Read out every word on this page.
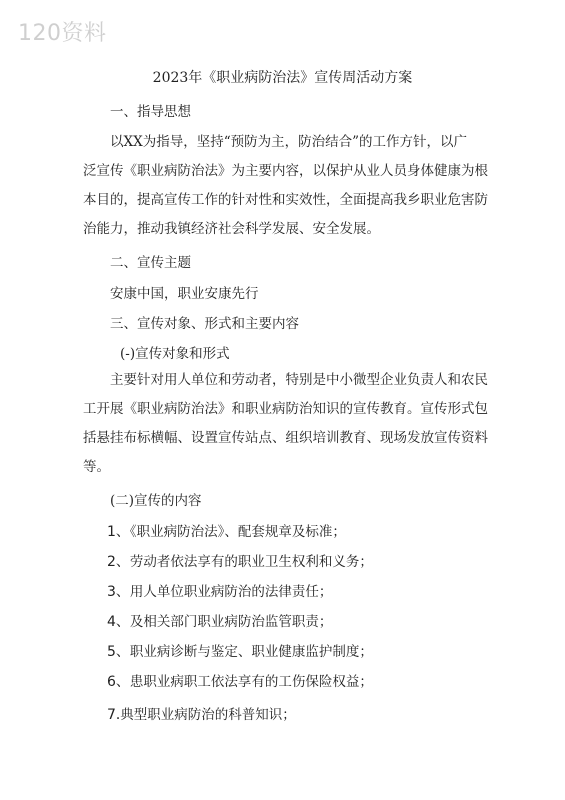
120资料
2023年《职业病防治法》宣传周活动方案
一、指导思想
以XX为指导，坚持“预防为主，防治结合”的工作方针，以广
泛宣传《职业病防治法》为主要内容，以保护从业人员身体健康为根
本目的，提高宣传工作的针对性和实效性，全面提高我乡职业危害防
治能力，推动我镇经济社会科学发展、安全发展。
二、宣传主题
安康中国，职业安康先行
三、宣传对象、形式和主要内容
(-)宣传对象和形式
主要针对用人单位和劳动者，特别是中小微型企业负责人和农民
工开展《职业病防治法》和职业病防治知识的宣传教育。宣传形式包
括悬挂布标横幅、设置宣传站点、组织培训教育、现场发放宣传资料
等。
(二)宣传的内容
1、《职业病防治法》、配套规章及标准；
2、劳动者依法享有的职业卫生权利和义务；
3、用人单位职业病防治的法律责任；
4、及相关部门职业病防治监管职责；
5、职业病诊断与鉴定、职业健康监护制度；
6、患职业病职工依法享有的工伤保险权益；
7.典型职业病防治的科普知识；
